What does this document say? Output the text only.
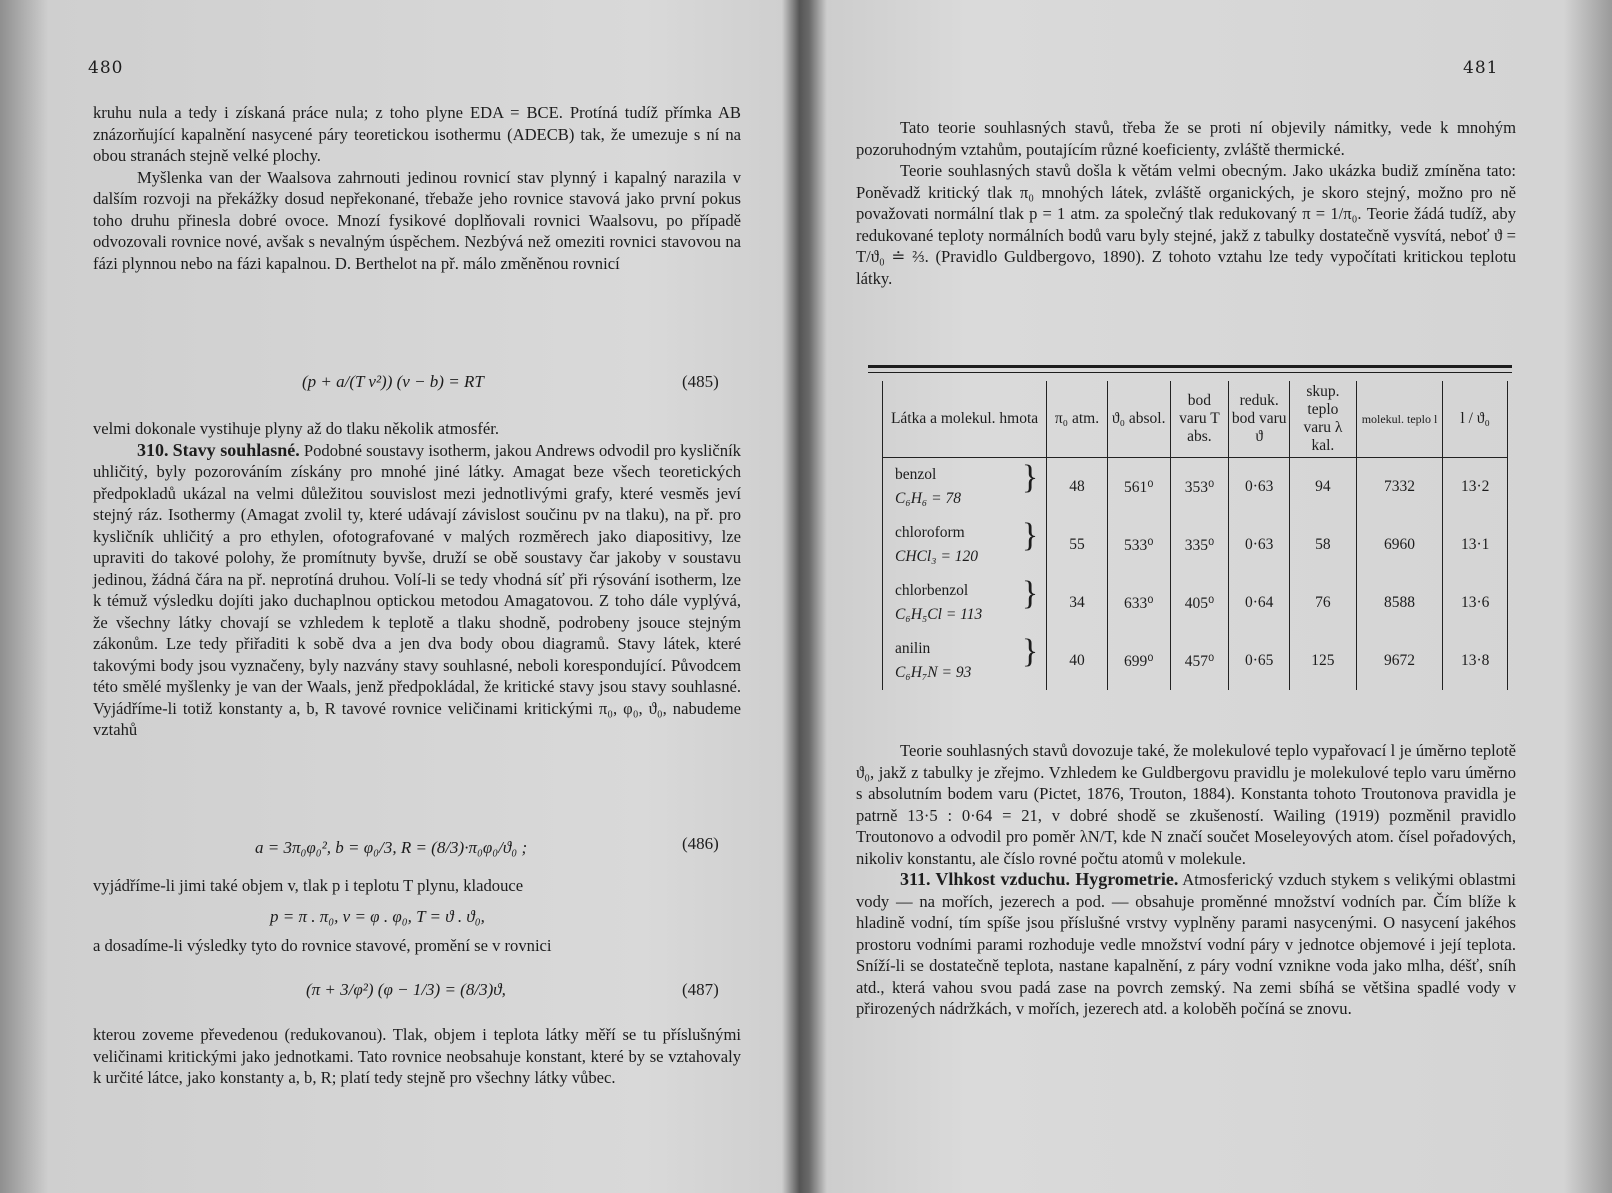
480

kruhu nula a tedy i získaná práce nula; z toho plyne EDA = BCE. Protíná tudíž přímka AB znázorňující kapalnění nasycené páry teoretickou isothermu (ADECB) tak, že umezuje s ní na obou stranách stejně velké plochy.

Myšlenka van der Waalsova zahrnouti jedinou rovnicí stav plynný i kapalný narazila v dalším rozvoji na překážky dosud nepřekonané, třebaže jeho rovnice stavová jako první pokus toho druhu přinesla dobré ovoce. Mnozí fysikové doplňovali rovnici Waalsovu, po případě odvozovali rovnice nové, avšak s nevalným úspěchem. Nezbývá než omeziti rovnici stavovou na fázi plynnou nebo na fázi kapalnou. D. Berthelot na př. málo změněnou rovnicí

(p + a/(T v²)) (v − b) = RT	(485)

velmi dokonale vystihuje plyny až do tlaku několik atmosfér.

310. Stavy souhlasné. Podobné soustavy isotherm, jakou Andrews odvodil pro kysličník uhličitý, byly pozorováním získány pro mnohé jiné látky. Amagat beze všech teoretických předpokladů ukázal na velmi důležitou souvislost mezi jednotlivými grafy, které vesměs jeví stejný ráz. Isothermy (Amagat zvolil ty, které udávají závislost součinu pv na tlaku), na př. pro kysličník uhličitý a pro ethylen, ofotografované v malých rozměrech jako diapositivy, lze upraviti do takové polohy, že promítnuty byvše, druží se obě soustavy čar jakoby v soustavu jedinou, žádná čára na př. neprotíná druhou. Volí-li se tedy vhodná síť při rýsování isotherm, lze k témuž výsledku dojíti jako duchaplnou optickou metodou Amagatovou. Z toho dále vyplývá, že všechny látky chovají se vzhledem k teplotě a tlaku shodně, podrobeny jsouce stejným zákonům. Lze tedy přiřaditi k sobě dva a jen dva body obou diagramů. Stavy látek, které takovými body jsou vyznačeny, byly nazvány stavy souhlasné, neboli korespondující. Původcem této smělé myšlenky je van der Waals, jenž předpokládal, že kritické stavy jsou stavy souhlasné. Vyjádříme-li totiž konstanty a, b, R tavové rovnice veličinami kritickými π₀, φ₀, ϑ₀, nabudeme vztahů

a = 3π₀φ₀², b = φ₀/3, R = (8/3)·π₀φ₀/ϑ₀ ;	(486)

vyjádříme-li jimi také objem v, tlak p i teplotu T plynu, kladouce

p = π . π₀, v = φ . φ₀, T = ϑ . ϑ₀,

a dosadíme-li výsledky tyto do rovnice stavové, promění se v rovnici

(π + 3/φ²) (φ − 1/3) = (8/3)ϑ,	(487)

kterou zoveme převedenou (redukovanou). Tlak, objem i teplota látky měří se tu příslušnými veličinami kritickými jako jednotkami. Tato rovnice neobsahuje konstant, které by se vztahovaly k určité látce, jako konstanty a, b, R; platí tedy stejně pro všechny látky vůbec.

481

Tato teorie souhlasných stavů, třeba že se proti ní objevily námitky, vede k mnohým pozoruhodným vztahům, poutajícím různé koeficienty, zvláště thermické.

Teorie souhlasných stavů došla k větám velmi obecným. Jako ukázka budiž zmíněna tato: Poněvadž kritický tlak π₀ mnohých látek, zvláště organických, je skoro stejný, možno pro ně považovati normální tlak p = 1 atm. za společný tlak redukovaný π = 1/π₀. Teorie žádá tudíž, aby redukované teploty normálních bodů varu byly stejné, jakž z tabulky dostatečně vysvítá, neboť ϑ = T/ϑ₀ ≐ ⅔. (Pravidlo Guldbergovo, 1890). Z tohoto vztahu lze tedy vypočítati kritickou teplotu látky.

Látka a molekul. hmota	π₀ atm.	ϑ₀ absol.	bod varu T abs.	reduk. bod varu ϑ	skup. teplo varu λ kal.	molekul. teplo l	l / ϑ₀

}
benzol
C₆H₆ = 78	48	561⁰	353⁰	0·63	94	7332	13·2

}
chloroform
CHCl₃ = 120	55	533⁰	335⁰	0·63	58	6960	13·1

}
chlorbenzol
C₆H₅Cl = 113	34	633⁰	405⁰	0·64	76	8588	13·6

}
anilin
C₆H₇N = 93	40	699⁰	457⁰	0·65	125	9672	13·8

Teorie souhlasných stavů dovozuje také, že molekulové teplo vypařovací l je úměrno teplotě ϑ₀, jakž z tabulky je zřejmo. Vzhledem ke Guldbergovu pravidlu je molekulové teplo varu úměrno s absolutním bodem varu (Pictet, 1876, Trouton, 1884). Konstanta tohoto Troutonova pravidla je patrně 13·5 : 0·64 = 21, v dobré shodě se zkušeností. Wailing (1919) pozměnil pravidlo Troutonovo a odvodil pro poměr λN/T, kde N značí součet Moseleyových atom. čísel pořadových, nikoliv konstantu, ale číslo rovné počtu atomů v molekule.

311. Vlhkost vzduchu. Hygrometrie. Atmosferický vzduch stykem s velikými oblastmi vody — na mořích, jezerech a pod. — obsahuje proměnné množství vodních par. Čím blíže k hladině vodní, tím spíše jsou příslušné vrstvy vyplněny parami nasycenými. O nasycení jakéhos prostoru vodními parami rozhoduje vedle množství vodní páry v jednotce objemové i její teplota. Sníží-li se dostatečně teplota, nastane kapalnění, z páry vodní vznikne voda jako mlha, déšť, sníh atd., která vahou svou padá zase na povrch zemský. Na zemi sbíhá se většina spadlé vody v přirozených nádržkách, v mořích, jezerech atd. a koloběh počíná se znovu.
